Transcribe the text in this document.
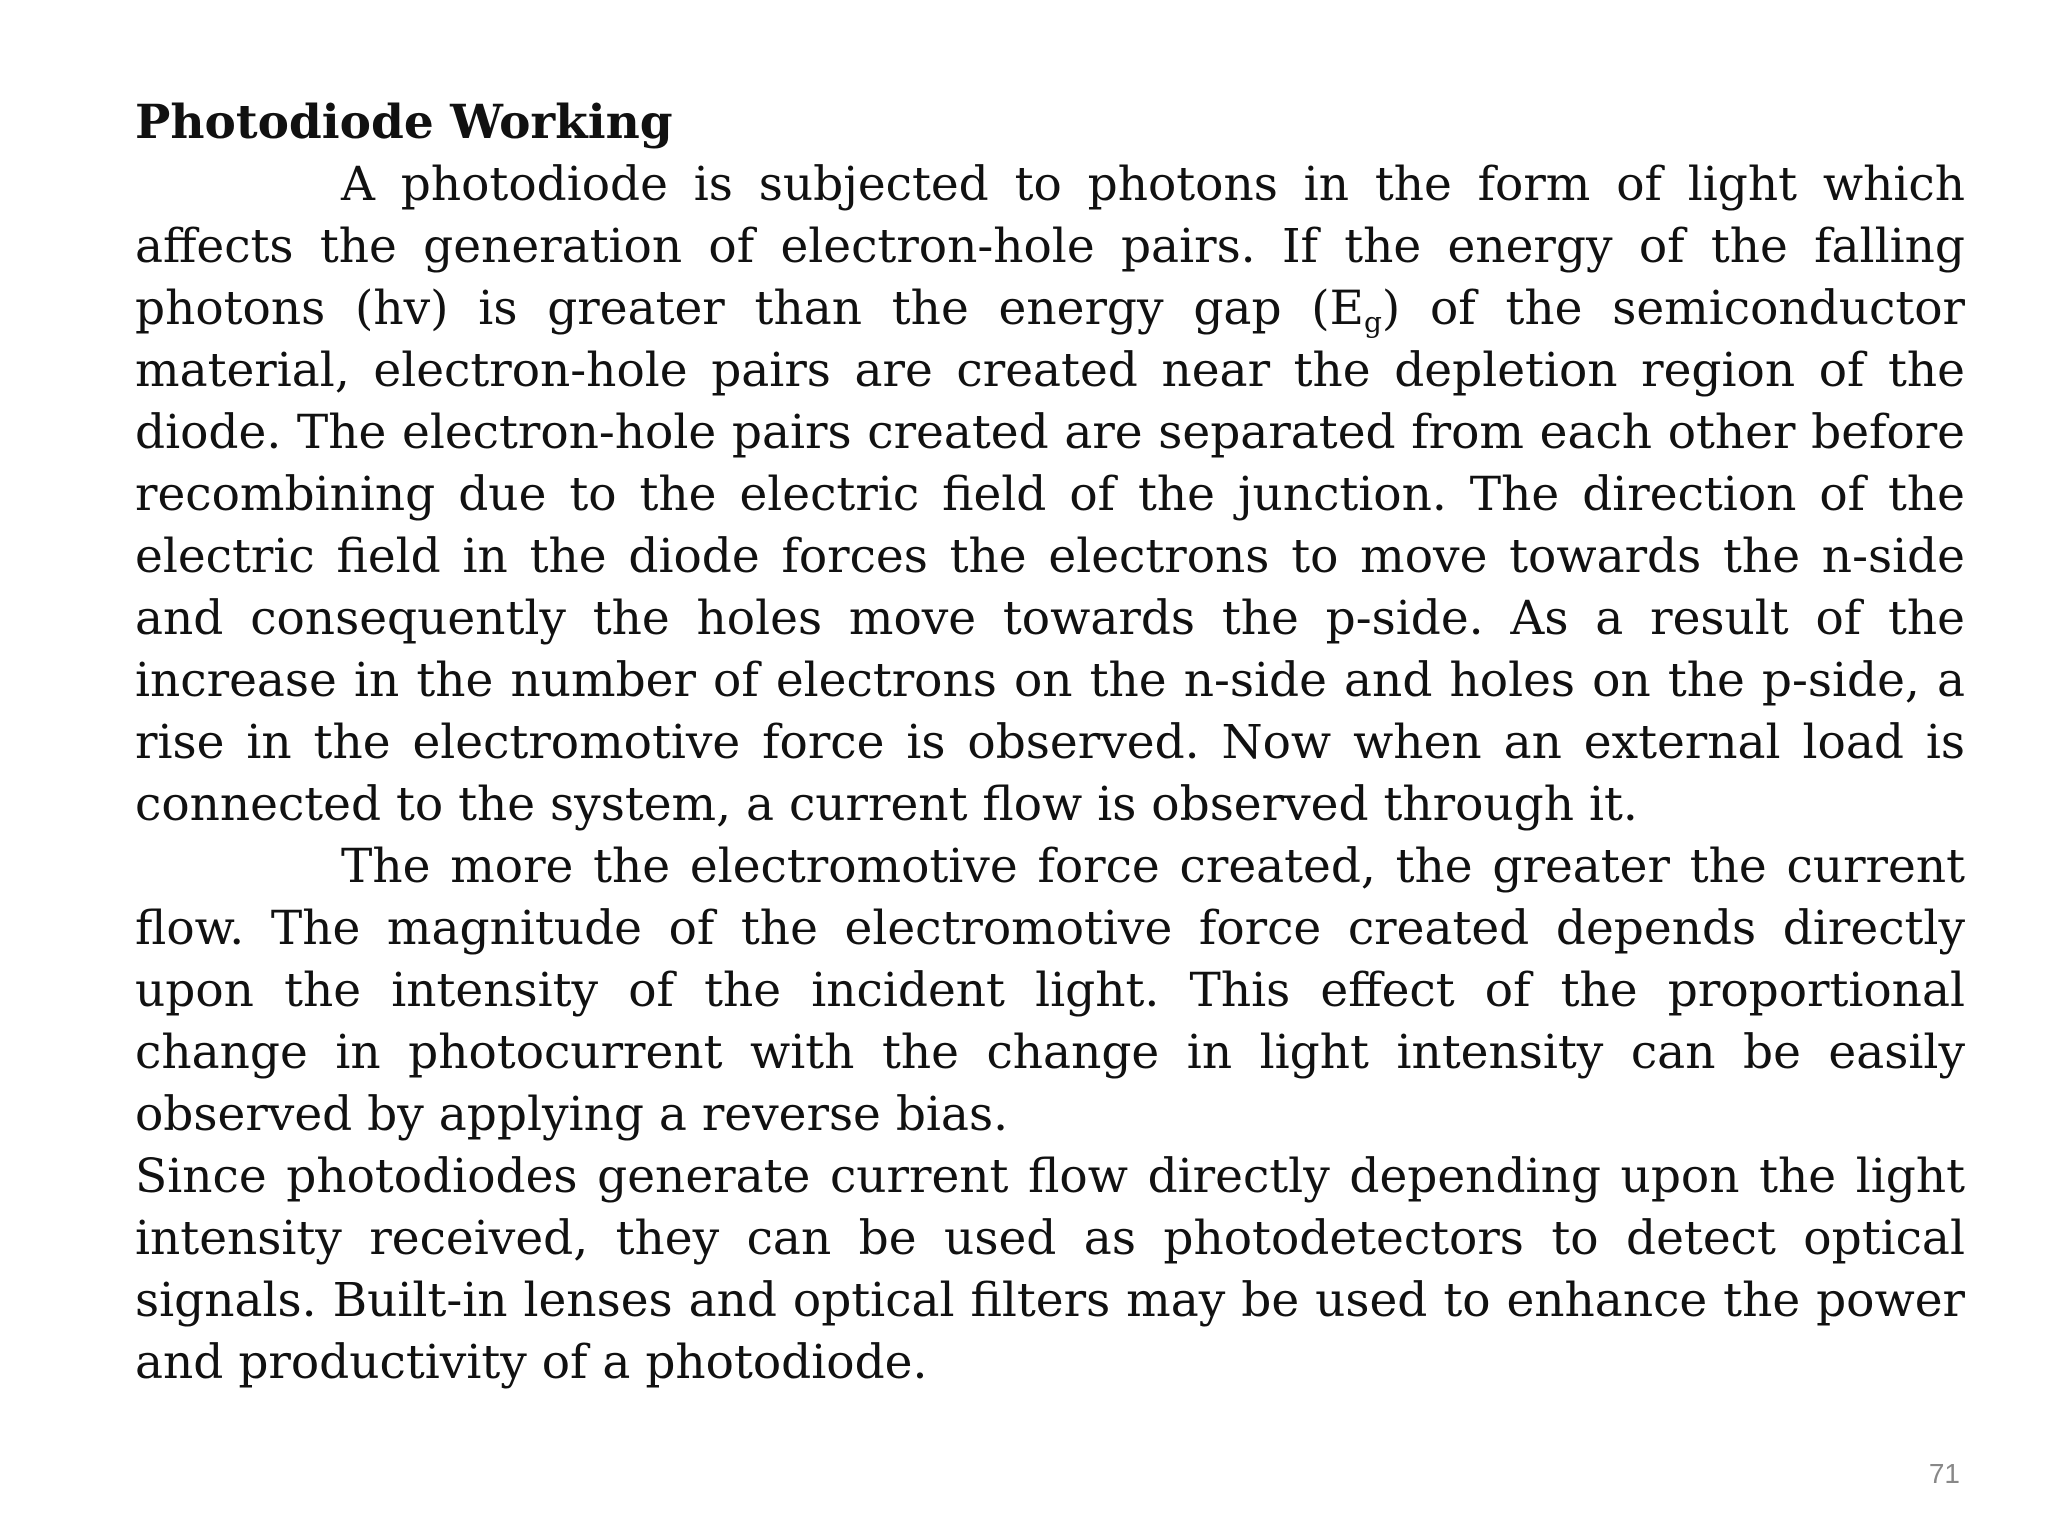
Photodiode Working

A photodiode is subjected to photons in the form of light which affects the generation of electron-hole pairs. If the energy of the falling photons (hv) is greater than the energy gap $(E_g)$ of the semiconductor material, electron-hole pairs are created near the depletion region of the diode. The electron-hole pairs created are separated from each other before recombining due to the electric field of the junction. The direction of the electric field in the diode forces the electrons to move towards the n-side and consequently the holes move towards the p-side. As a result of the increase in the number of electrons on the n-side and holes on the p-side, a rise in the electromotive force is observed. Now when an external load is connected to the system, a current flow is observed through it.

The more the electromotive force created, the greater the current flow. The magnitude of the electromotive force created depends directly upon the intensity of the incident light. This effect of the proportional change in photocurrent with the change in light intensity can be easily observed by applying a reverse bias.

Since photodiodes generate current flow directly depending upon the light intensity received, they can be used as photodetectors to detect optical signals. Built-in lenses and optical filters may be used to enhance the power and productivity of a photodiode.

71
